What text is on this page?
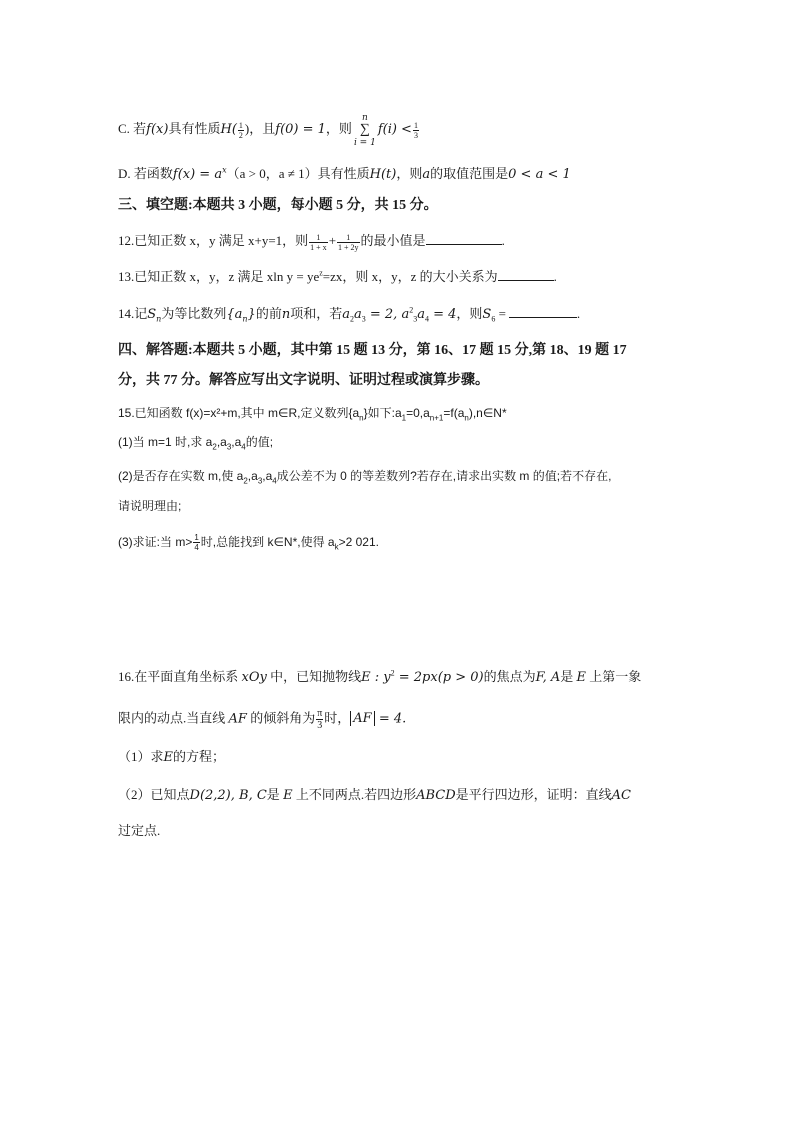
C. 若f(x)具有性质$H( \frac{1}{2}$ )，且f(0) = 1，则n
∑
$i = 1f(i) < \frac{1}{3}$
D. 若函数$f(x) = a^x(a > 0$，a ≠ 1）具有性质H(t)，则a的取值范围是0 < a < 1
三、填空题:本题共 3 小题，每小题 5 分，共 15 分。
12.已知正数 x，y 满足 x+y=1，则 $\frac{1}{1 + x} + \frac{1}{1 + 2y}$ 的最小值是	.
13.已知正数 x，y，z 满足 xln $y = ye^z=zx$，则 x，y，z 的大小关系为	.
14.记$S_n$为等比数列$\{a_n\}$的前n项和，若$a_2a_3 = 2$, $a^2_3a_4 = 4$，则$S_6$ =	.
四、解答题:本题共 5 小题，其中第 15 题 13 分，第 16、17 题 15 分,第 18、19 题 17
分，共 77 分。解答应写出文字说明、证明过程或演算步骤。
15.已知函数 f(x)=x²+m,其中 m∈R,定义数列$\{a_n\}$如下$:a_1=0,a_{n+1}=f(a_n),n\in N*$
(1)当 m=1 时,求 $a_2,a_3,a_4$的值;
(2)是否存在实数 m,使 $a_2,a_3,a_4$成公差不为 0 的等差数列?若存在,请求出实数 m 的值;若不存在,
请说明理由;
(3)求证:当 $m> \frac{1}{4}$ 时,总能找到 k∈N*,使得 $a_k>2$ 021.
16.在平面直角坐标系 xOy 中，已知抛物线E : $y^2 = 2px(p > 0)$的焦点为F, A是 E 上第一象
限内的动点.当直线 AF 的倾斜角为 $\frac{\pi}{3}$ 时， AF = 4.
（1）求E的方程；
（2）已知点D(2,2), B, C是 E 上不同两点.若四边形ABCD是平行四边形，证明：直线AC
过定点.
